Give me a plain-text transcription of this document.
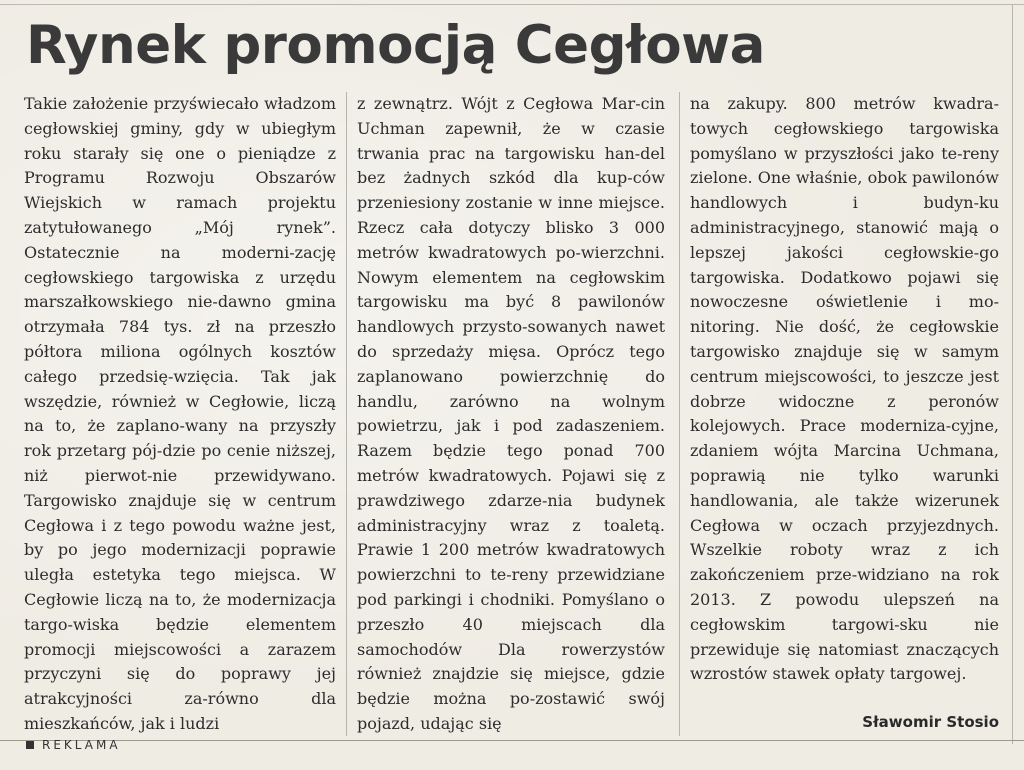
Rynek promocją Cegłowa
Takie założenie przyświecało władzom cegłowskiej gminy, gdy w ubiegłym roku starały się one o pieniądze z Programu Rozwoju Obszarów Wiejskich w ramach projektu zatytułowanego „Mój rynek”. Ostatecznie na moderni-zację cegłowskiego targowiska z urzędu marszałkowskiego nie-dawno gmina otrzymała 784 tys. zł na przeszło półtora miliona ogólnych kosztów całego przedsię-wzięcia. Tak jak wszędzie, również w Cegłowie, liczą na to, że zaplano-wany na przyszły rok przetarg pój-dzie po cenie niższej, niż pierwot-nie przewidywano. Targowisko znajduje się w centrum Cegłowa i z tego powodu ważne jest, by po jego modernizacji poprawie uległa estetyka tego miejsca. W Cegłowie liczą na to, że modernizacja targo-wiska będzie elementem promocji miejscowości a zarazem przyczyni się do poprawy jej atrakcyjności za-równo dla mieszkańców, jak i ludzi
z zewnątrz. Wójt z Cegłowa Mar-cin Uchman zapewnił, że w czasie trwania prac na targowisku han-del bez żadnych szkód dla kup-ców przeniesiony zostanie w inne miejsce. Rzecz cała dotyczy blisko 3 000 metrów kwadratowych po-wierzchni. Nowym elementem na cegłowskim targowisku ma być 8 pawilonów handlowych przysto-sowanych nawet do sprzedaży mięsa. Oprócz tego zaplanowano powierzchnię do handlu, zarówno na wolnym powietrzu, jak i pod zadaszeniem. Razem będzie tego ponad 700 metrów kwadratowych. Pojawi się z prawdziwego zdarze-nia budynek administracyjny wraz z toaletą. Prawie 1 200 metrów kwadratowych powierzchni to te-reny przewidziane pod parkingi i chodniki. Pomyślano o przeszło 40 miejscach dla samochodów Dla rowerzystów również znajdzie się miejsce, gdzie będzie można po-zostawić swój pojazd, udając się
na zakupy. 800 metrów kwadra-towych cegłowskiego targowiska pomyślano w przyszłości jako te-reny zielone. One właśnie, obok pawilonów handlowych i budyn-ku administracyjnego, stanowić mają o lepszej jakości cegłowskie-go targowiska. Dodatkowo pojawi się nowoczesne oświetlenie i mo-nitoring. Nie dość, że cegłowskie targowisko znajduje się w samym centrum miejscowości, to jeszcze jest dobrze widoczne z peronów kolejowych. Prace moderniza-cyjne, zdaniem wójta Marcina Uchmana, poprawią nie tylko warunki handlowania, ale także wizerunek Cegłowa w oczach przyjezdnych. Wszelkie roboty wraz z ich zakończeniem prze-widziano na rok 2013. Z powodu ulepszeń na cegłowskim targowi-sku nie przewiduje się natomiast znaczących wzrostów stawek opłaty targowej.
Sławomir Stosio
REKLAMA
